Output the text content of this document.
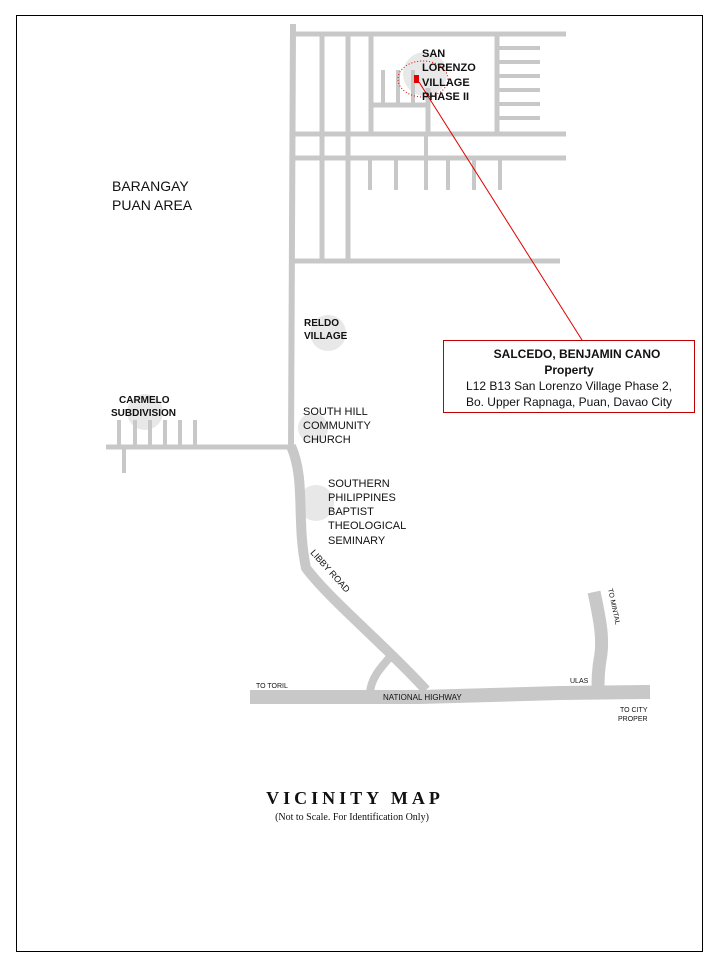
SALCEDO, BENJAMIN CANO
Property
L12 B13 San Lorenzo Village Phase 2,
Bo. Upper Rapnaga, Puan, Davao City
BARANGAY
PUAN AREA
SAN
LORENZO
VILLAGE
PHASE II
RELDO
VILLAGE
CARMELO
SUBDIVISION	SOUTH HILL
COMMUNITY
CHURCH
SOUTHERN
PHILIPPINES
BAPTIST
THEOLOGICAL
SEMINARY
LIBBY ROAD
NATIONAL HIGHWAY
TO TORIL
TO MINTAL
ULAS
TO CITY
PROPER
VICINITY MAP
(Not to Scale. For Identification Only)
